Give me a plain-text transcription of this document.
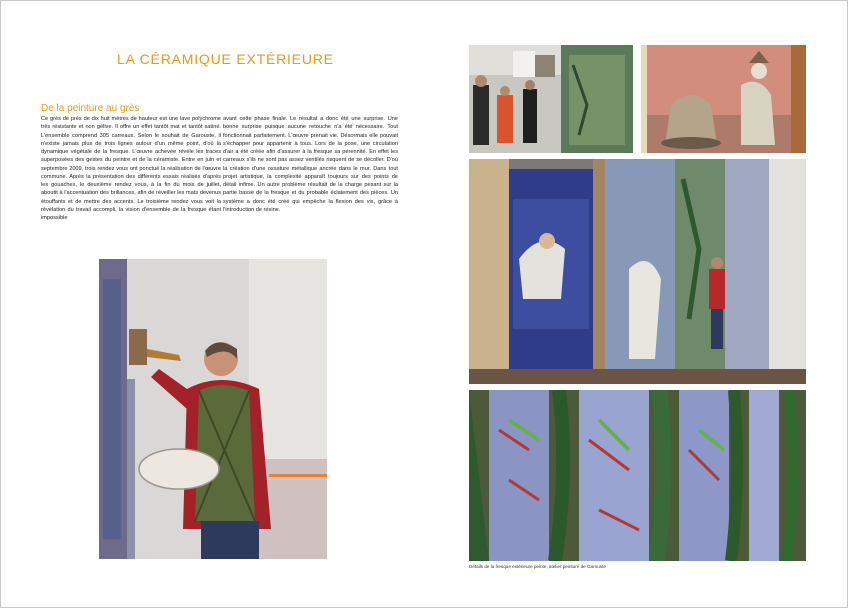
LA CÉRAMIQUE EXTÉRIEURE
De la peinture au grès
Ce grès de près de dix huit mètres de hauteur est une lave polychrome très résistante et non gélive. Il offre un effet tantôt mat et tantôt satiné. L'ensemble comprend 305 carreaux. Selon le souhait de Garouste, il n'existe jamais plus de trois lignes autour d'un même point, d'où la dynamique végétale de la fresque. L'œuvre achevée révèle les traces superposées des gestes du peintre et de la céramiste. Entre en juin et septembre 2009, trois rendez vous ont ponctué la réalisation de l'œuvre commune. Après la présentation des différents essais réalisés d'après les gouaches, le deuxième rendez vous, à la fin du mois de juillet, aboutit à l'accentuation des brillances, afin de réveiller les mats devenus étouffants et de mettre des accents. Le troisième rendez vous voit la révélation du travail accompli, la vision d'ensemble de la fresque étant impossible
avant cette phase finale. Le résultat a donc été une surprise. Une bonne surprise puisque aucune retouche n'a été nécessaire. Tout fonctionnait parfaitement. L'œuvre prenait vie. Désormais elle pouvait s'échapper pour appartenir à tous. Lors de la pose, une circulation d'air a été créée afin d'assurer à la fresque sa pérennité. En effet les carreaux s'ils ne sont pas assez ventilés risquent de se décoller. D'où la création d'une ossature métallique ancrée dans le mur. Dans tout projet artistique, la complexité apparaît toujours sur des points de détail infime. Un autre problème résultait de la charge pesant sur la partie basse de la fresque et du probable éclatement des pièces. Un système a donc été créé qui empêche la flexion des vis, grâce à l'introduction de résine.
Détails de la fresque extérieure peinte, atelier peinture de Garouste
